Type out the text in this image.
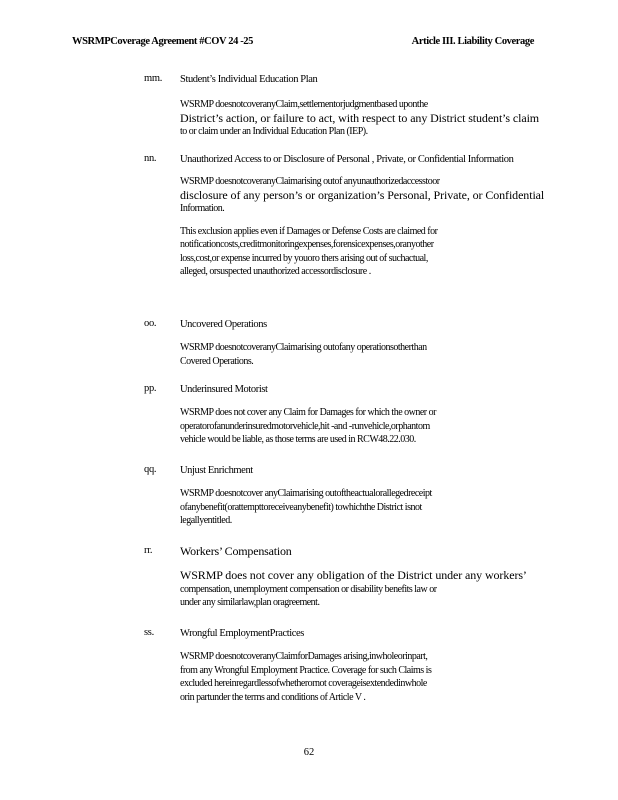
WSRMPCoverage Agreement #COV 24 -25	Article III. Liability Coverage
mm. Student’s Individual Education Plan
WSRMP doesnotcoveranyClaim,settlementorjudgmentbased uponthe
District’s action, or failure to act, with respect to any District student’s claim
to or claim under an Individual Education Plan (IEP).
nn. Unauthorized Access to or Disclosure of Personal , Private, or Confidential Information
WSRMP doesnotcoveranyClaimarising outof anyunauthorizedaccesstoor
disclosure of any person’s or organization’s Personal, Private, or Confidential
Information.
This exclusion applies even if Damages or Defense Costs are claimed for
notificationcosts,creditmonitoringexpenses,forensicexpenses,oranyother
loss,cost,or expense incurred by youoro thers arising out of suchactual,
alleged, orsuspected unauthorized accessordisclosure .
oo. Uncovered Operations
WSRMP doesnotcoveranyClaimarising outofany operationsotherthan
Covered Operations.
pp. Underinsured Motorist
WSRMP does not cover any Claim for Damages for which the owner or
operatorofanunderinsuredmotorvehicle,hit -and -runvehicle,orphantom
vehicle would be liable, as those terms are used in RCW48.22.030.
qq. Unjust Enrichment
WSRMP doesnotcover anyClaimarising outoftheactualorallegedreceipt
ofanybenefit(orattempttoreceiveanybenefit) towhichthe District isnot
legallyentitled.
rr. Workers’ Compensation
WSRMP does not cover any obligation of the District under any workers’
compensation, unemployment compensation or disability benefits law or
under any similarlaw,plan oragreement.
ss. Wrongful EmploymentPractices
WSRMP doesnotcoveranyClaimforDamages arising,inwholeorinpart,
from any Wrongful Employment Practice. Coverage for such Claims is
excluded hereinregardlessofwhetherornot coverageisextendedinwhole
orin partunder the terms and conditions of Article V .
62
